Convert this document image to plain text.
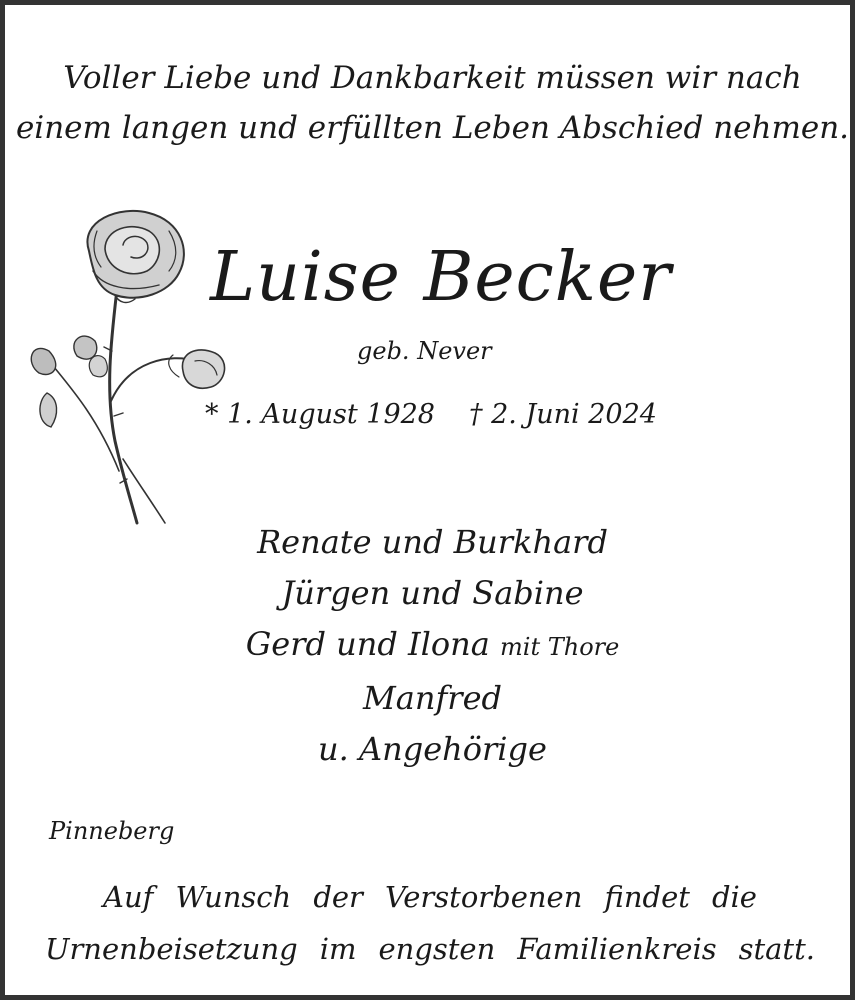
Voller Liebe und Dankbarkeit müssen wir nach
einem langen und erfüllten Leben Abschied nehmen.
Luise Becker
geb. Never
* 1. August 1928 † 2. Juni 2024
Renate und Burkhard
Jürgen und Sabine
Gerd und Ilona mit Thore
Manfred
u. Angehörige
Pinneberg
Auf Wunsch der Verstorbenen findet die
Urnenbeisetzung im engsten Familienkreis statt.
